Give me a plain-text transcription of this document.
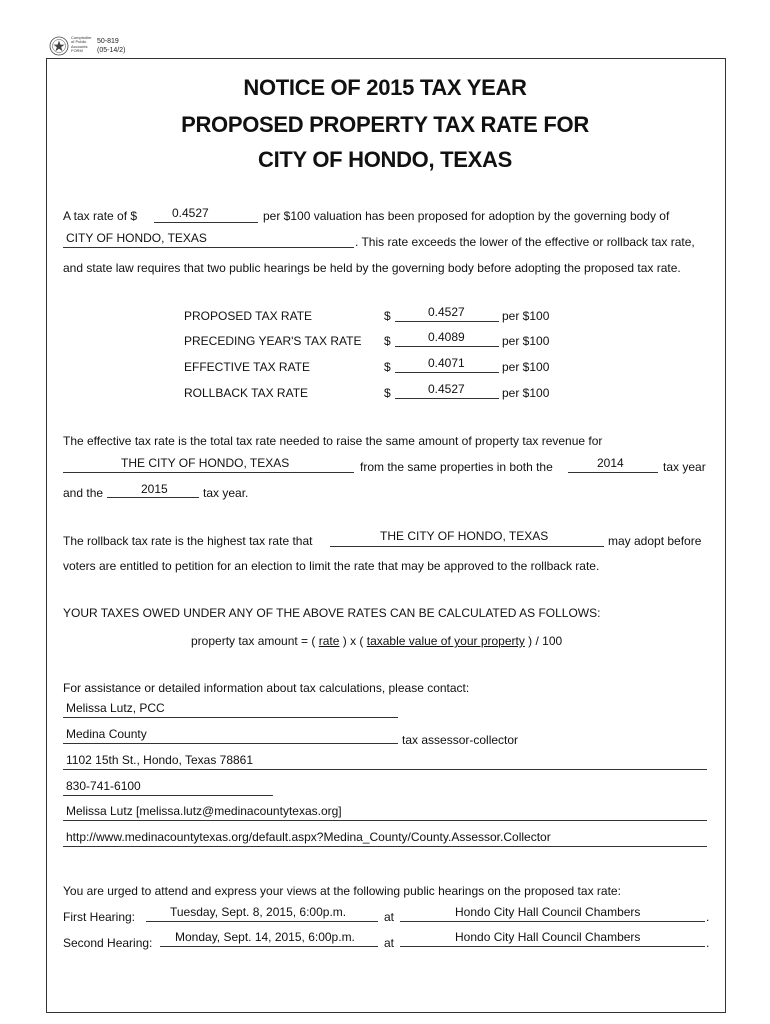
Comptroller
of Public
Accounts
FORM
50-819
(05-14/2)
NOTICE OF 2015 TAX YEAR
PROPOSED PROPERTY TAX RATE FOR
CITY OF HONDO, TEXAS
A tax rate of $	0.4527	per $100 valuation has been proposed for adoption by the governing body of
CITY OF HONDO, TEXAS	. This rate exceeds the lower of the effective or rollback tax rate,
and state law requires that two public hearings be held by the governing body before adopting the proposed tax rate.
PROPOSED TAX RATE	$	0.4527	per $100
PRECEDING YEAR'S TAX RATE $	0.4089	per $100
EFFECTIVE TAX RATE	$	0.4071	per $100
ROLLBACK TAX RATE	$	0.4527	per $100
The effective tax rate is the total tax rate needed to raise the same amount of property tax revenue for
THE CITY OF HONDO, TEXAS	from the same properties in both the	2014	tax year
and the	2015	tax year.
The rollback tax rate is the highest tax rate that	THE CITY OF HONDO, TEXAS	may adopt before
voters are entitled to petition for an election to limit the rate that may be approved to the rollback rate.
YOUR TAXES OWED UNDER ANY OF THE ABOVE RATES CAN BE CALCULATED AS FOLLOWS:
property tax amount = ( rate ) x ( taxable value of your property ) / 100
For assistance or detailed information about tax calculations, please contact:
Melissa Lutz, PCC
Medina County	tax assessor-collector
1102 15th St., Hondo, Texas 78861
830-741-6100
Melissa Lutz [melissa.lutz@medinacountytexas.org]
http://www.medinacountytexas.org/default.aspx?Medina_County/County.Assessor.Collector
You are urged to attend and express your views at the following public hearings on the proposed tax rate:
First Hearing:	Tuesday, Sept. 8, 2015, 6:00p.m.	at	Hondo City Hall Council Chambers	.
Second Hearing: Monday, Sept. 14, 2015, 6:00p.m. at	Hondo City Hall Council Chambers	.
